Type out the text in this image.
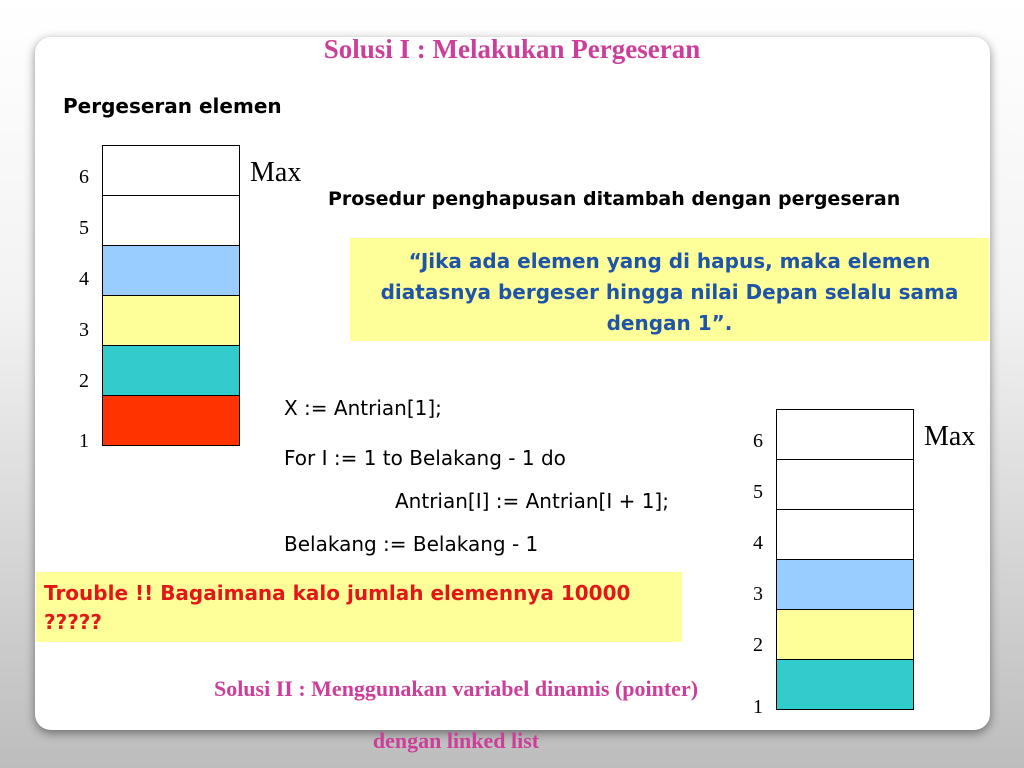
Solusi I : Melakukan Pergeseran
Pergeseran elemen
6
5
4
3
2
1
Max
Prosedur penghapusan ditambah dengan pergeseran
“Jika ada elemen yang di hapus, maka elemen diatasnya bergeser hingga nilai Depan selalu sama dengan 1”.
X := Antrian[1];
For I := 1 to Belakang - 1 do
Antrian[I] := Antrian[I + 1];
Belakang := Belakang - 1
6
5
4
3
2
1
Max
Trouble !! Bagaimana kalo jumlah elemennya 10000 ?????
Solusi II : Menggunakan variabel dinamis (pointer)
dengan linked list
